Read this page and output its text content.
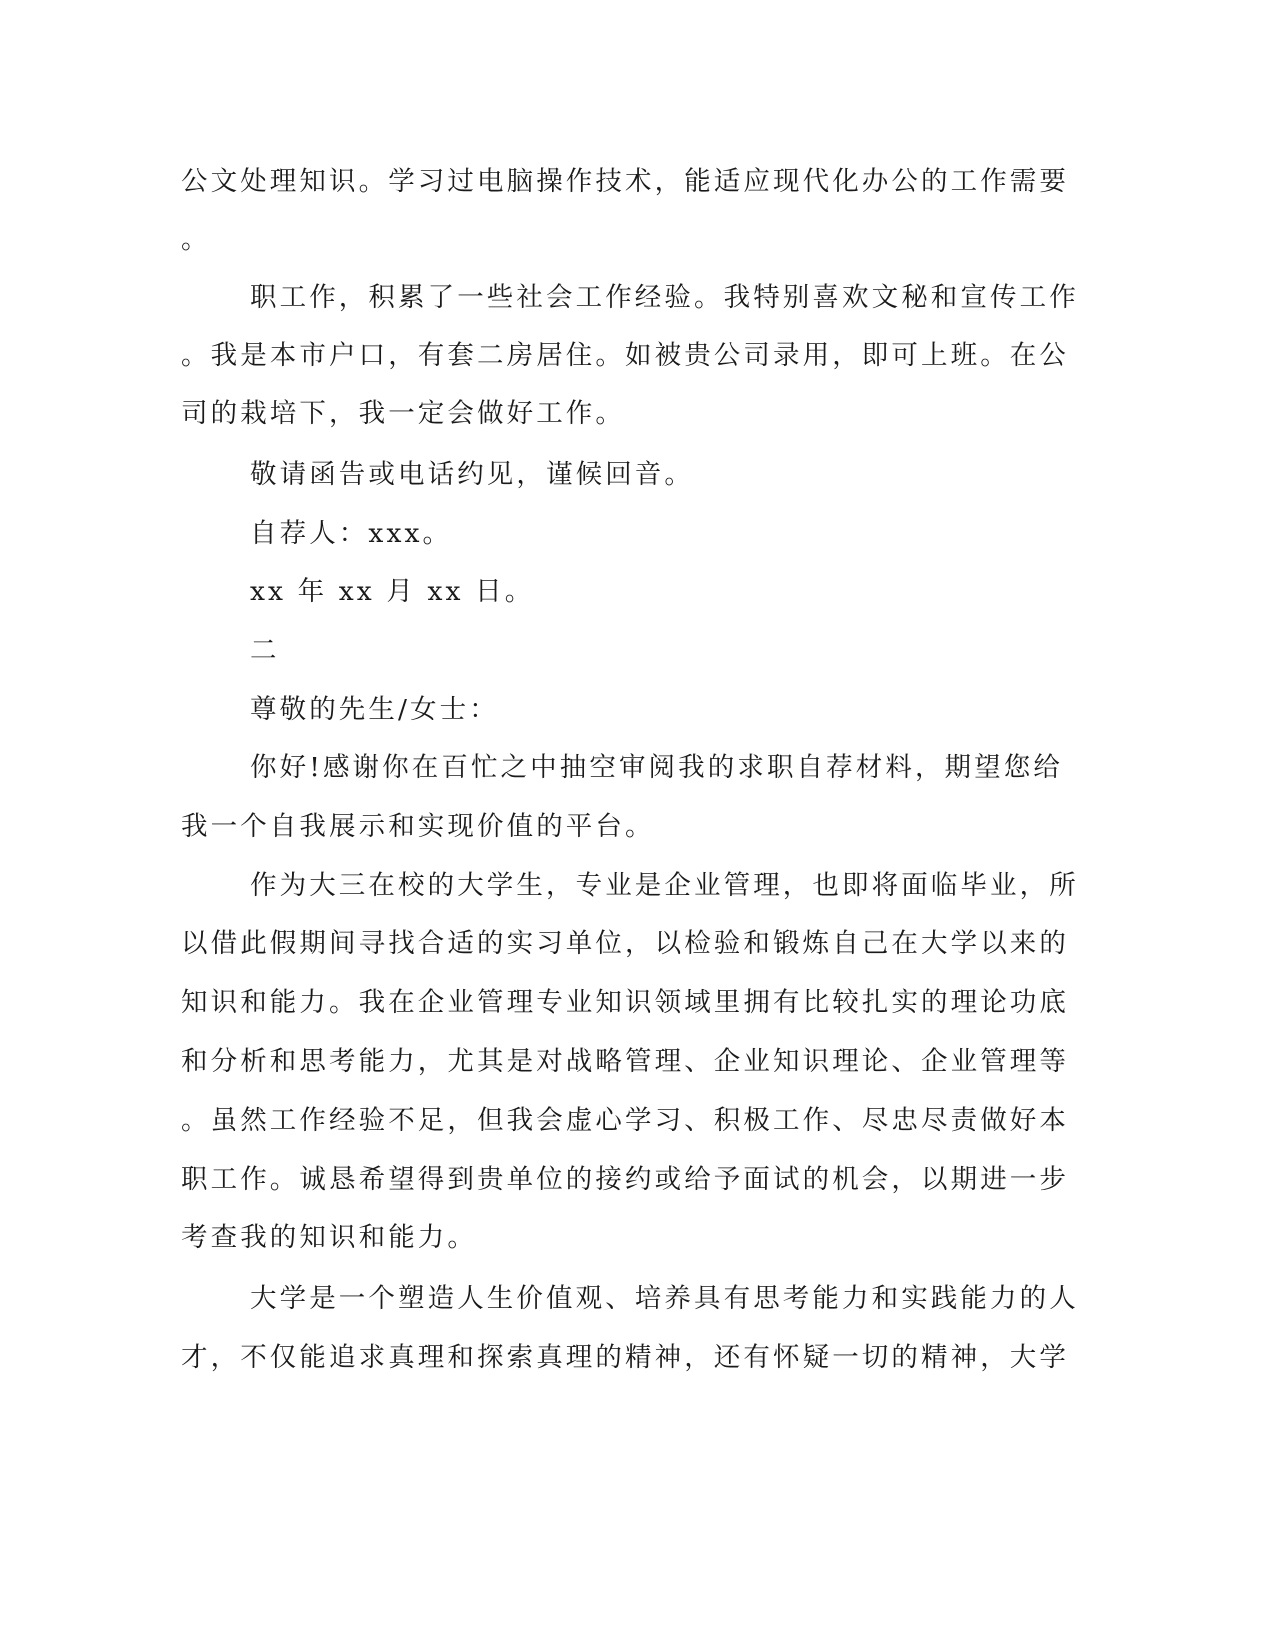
公文处理知识。学习过电脑操作技术，能适应现代化办公的工作需要
。
职工作，积累了一些社会工作经验。我特别喜欢文秘和宣传工作
。我是本市户口，有套二房居住。如被贵公司录用，即可上班。在公
司的栽培下，我一定会做好工作。
敬请函告或电话约见，谨候回音。
自荐人：xxx。
xx 年 xx 月 xx 日。
二
尊敬的先生/女士：
你好!感谢你在百忙之中抽空审阅我的求职自荐材料，期望您给
我一个自我展示和实现价值的平台。
作为大三在校的大学生，专业是企业管理，也即将面临毕业，所
以借此假期间寻找合适的实习单位，以检验和锻炼自己在大学以来的
知识和能力。我在企业管理专业知识领域里拥有比较扎实的理论功底
和分析和思考能力，尤其是对战略管理、企业知识理论、企业管理等
。虽然工作经验不足，但我会虚心学习、积极工作、尽忠尽责做好本
职工作。诚恳希望得到贵单位的接约或给予面试的机会，以期进一步
考查我的知识和能力。
大学是一个塑造人生价值观、培养具有思考能力和实践能力的人
才，不仅能追求真理和探索真理的精神，还有怀疑一切的精神，大学
